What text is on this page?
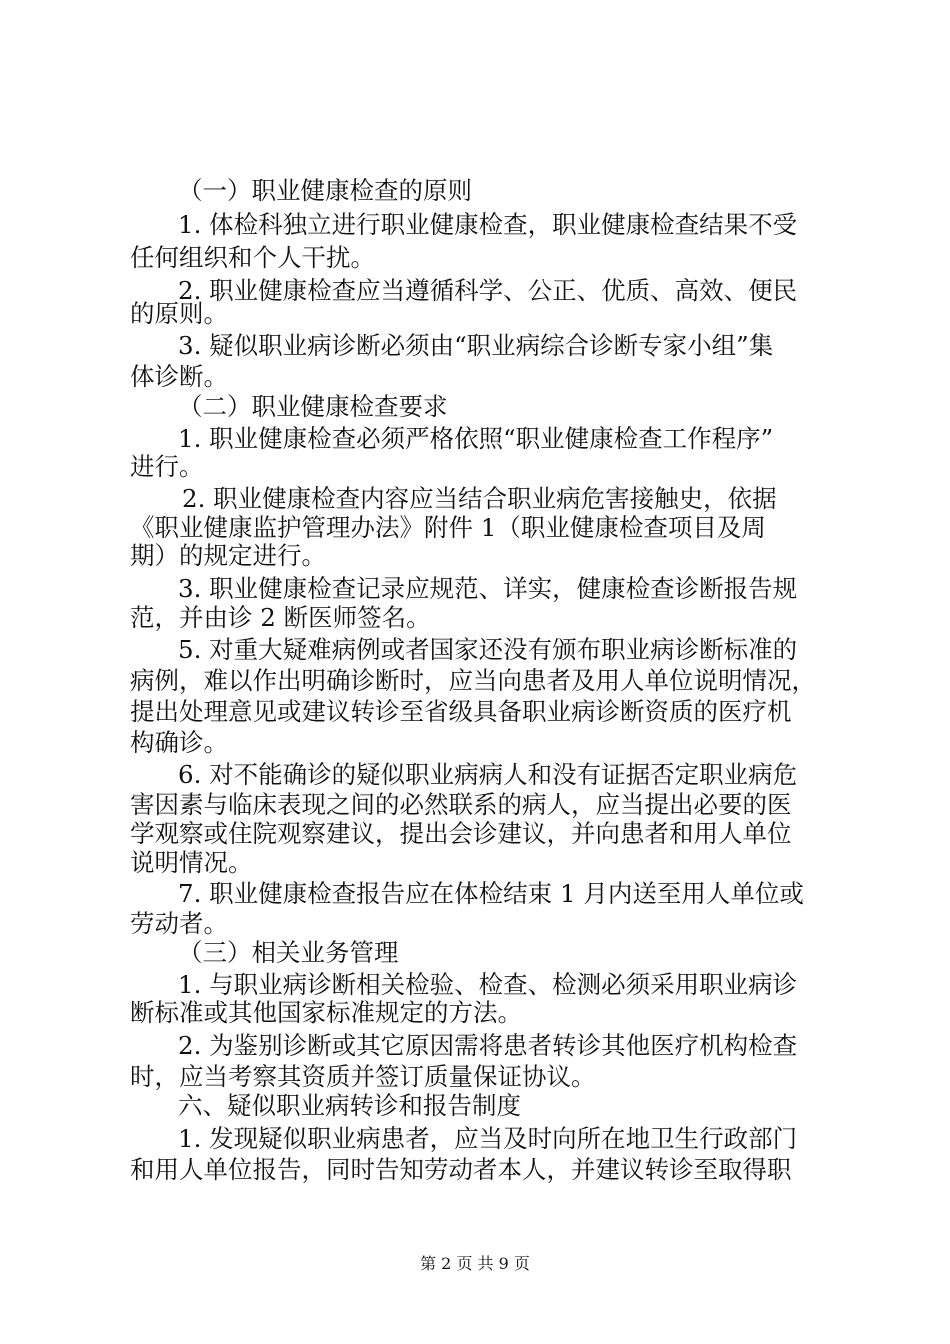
（一）职业健康检查的原则

1. 体检科独立进行职业健康检查，职业健康检查结果不受

任何组织和个人干扰。

2. 职业健康检查应当遵循科学、公正、优质、高效、便民

的原则。

3. 疑似职业病诊断必须由“职业病综合诊断专家小组”集

体诊断。

（二）职业健康检查要求

1. 职业健康检查必须严格依照“职业健康检查工作程序”

进行。

2. 职业健康检查内容应当结合职业病危害接触史，依据

《职业健康监护管理办法》附件 1（职业健康检查项目及周

期）的规定进行。

3. 职业健康检查记录应规范、详实，健康检查诊断报告规

范，并由诊 2 断医师签名。

5. 对重大疑难病例或者国家还没有颁布职业病诊断标准的

病例，难以作出明确诊断时，应当向患者及用人单位说明情况，

提出处理意见或建议转诊至省级具备职业病诊断资质的医疗机

构确诊。

6. 对不能确诊的疑似职业病病人和没有证据否定职业病危

害因素与临床表现之间的必然联系的病人，应当提出必要的医

学观察或住院观察建议，提出会诊建议，并向患者和用人单位

说明情况。

7. 职业健康检查报告应在体检结束 1 月内送至用人单位或

劳动者。

（三）相关业务管理

1. 与职业病诊断相关检验、检查、检测必须采用职业病诊

断标准或其他国家标准规定的方法。

2. 为鉴别诊断或其它原因需将患者转诊其他医疗机构检查

时，应当考察其资质并签订质量保证协议。

六、疑似职业病转诊和报告制度

1. 发现疑似职业病患者，应当及时向所在地卫生行政部门

和用人单位报告，同时告知劳动者本人，并建议转诊至取得职

第 2 页 共 9 页
